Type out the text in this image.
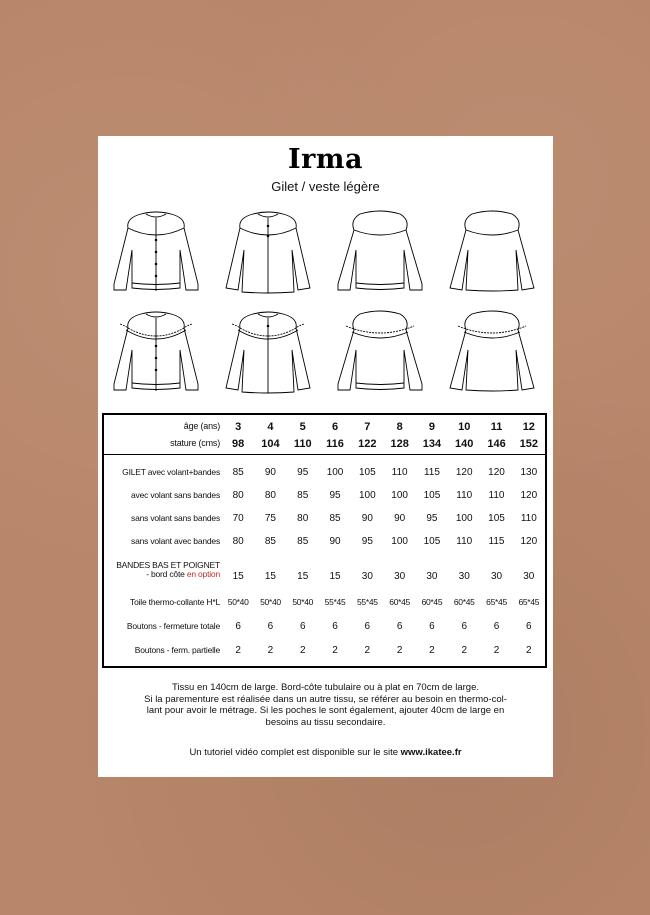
Irma
Gilet / veste légère
âge (ans)	3	4	5	6	7	8	9	10	11	12
stature (cms)	98	104	110	116	122	128	134	140	146	152
GILET avec volant+bandes	85	90	95	100	105	110	115	120	120	130
avec volant sans bandes	80	80	85	95	100	100	105	110	110	120
sans volant sans bandes	70	75	80	85	90	90	95	100	105	110
sans volant avec bandes	80	85	85	90	95	100	105	110	115	120
BANDES BAS ET POIGNET
- bord côte en option	15	15	15	15	30	30	30	30	30	30
Toile thermo-collante H*L 50*40	50*40	50*40	55*45	55*45	60*45	60*45	60*45	65*45	65*45
Boutons - fermeture totale	6	6	6	6	6	6	6	6	6	6
Boutons - ferm. partielle	2	2	2	2	2	2	2	2	2	2
Tissu en 140cm de large. Bord-côte tubulaire ou à plat en 70cm de large.
Si la parementure est réalisée dans un autre tissu, se référer au besoin en thermo-col-
lant pour avoir le métrage. Si les poches le sont également, ajouter 40cm de large en
besoins au tissu secondaire.
Un tutoriel vidéo complet est disponible sur le site www.ikatee.fr
